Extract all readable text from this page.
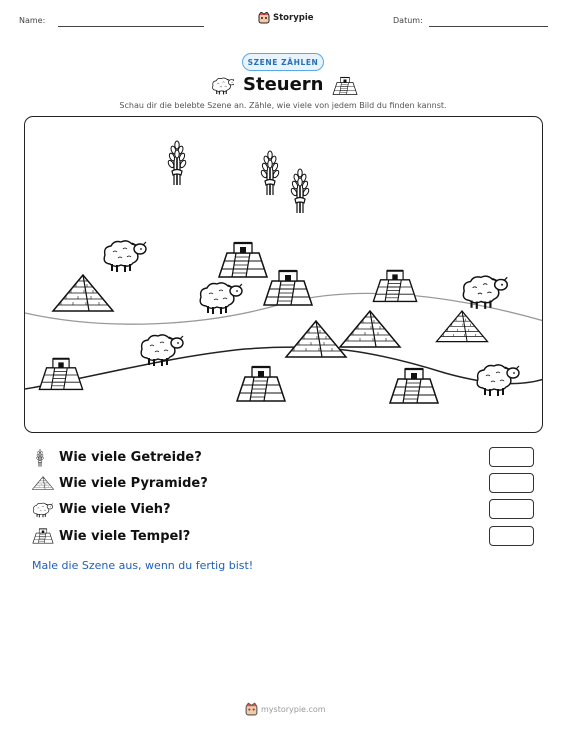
Name:	Storypie	Datum:
SZENE ZÄHLEN
Steuern
Schau dir die belebte Szene an. Zähle, wie viele von jedem Bild du finden kannst.
Wie viele Getreide?
Wie viele Pyramide?
Wie viele Vieh?
Wie viele Tempel?
Male die Szene aus, wenn du fertig bist!
mystorypie.com
